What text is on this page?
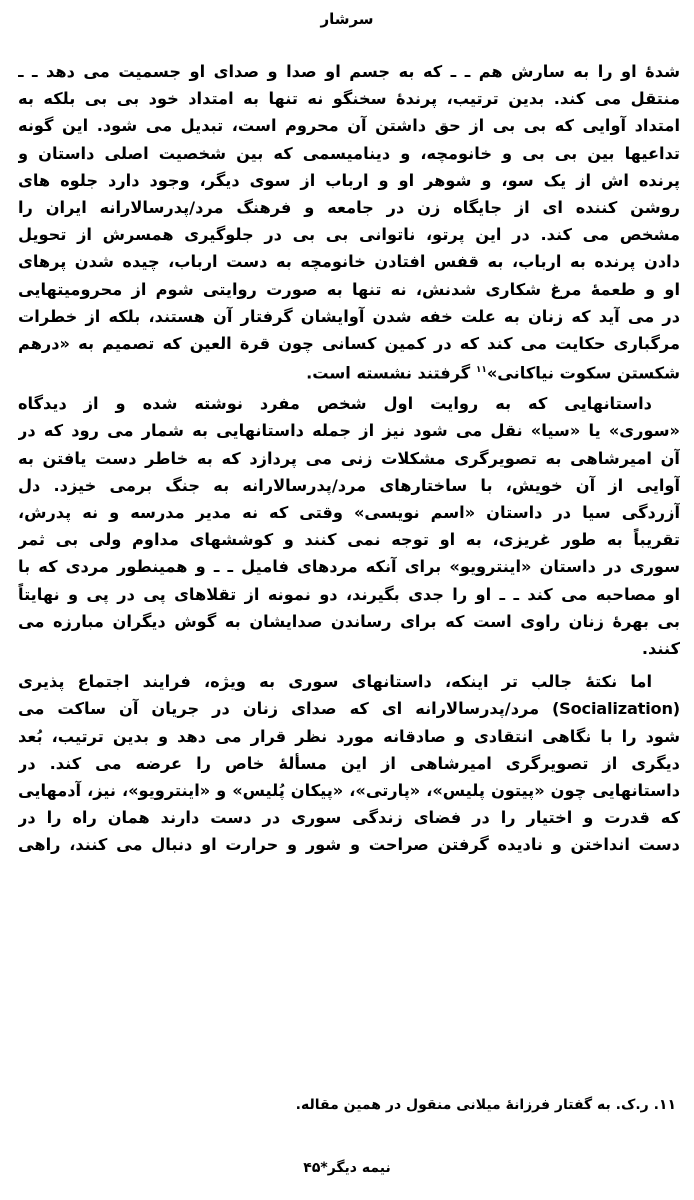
سرشار
شدهٔ او را به سارش هم ـ ـ که به جسم او صدا و صدای او جسمیت می دهد ـ ـ
منتقل می کند. بدین ترتیب، پرندهٔ سخنگو نه تنها به امتداد خود بی بی بلکه به
امتداد آوایی که بی بی از حق داشتن آن محروم است، تبدیل می شود. این گونه
تداعیها بین بی بی و خانومچه، و دینامیسمی که بین شخصیت اصلی داستان و
پرنده اش از یک سو، و شوهر او و ارباب از سوی دیگر، وجود دارد جلوه های
روشن کننده ای از جایگاه زن در جامعه و فرهنگ مرد/پدرسالارانه ایران را
مشخص می کند. در این پرتو، ناتوانی بی بی در جلوگیری همسرش از تحویل
دادن پرنده به ارباب، به قفس افتادن خانومچه به دست ارباب، چیده شدن پرهای
او و طعمهٔ مرغ شکاری شدنش، نه تنها به صورت روایتی شوم از محرومیتهایی
در می آید که زنان به علت خفه شدن آوایشان گرفتار آن هستند، بلکه از خطرات
مرگباری حکایت می کند که در کمین کسانی چون قرة العین که تصمیم به «درهم
شکستن سکوت نیاکانی»$^{۱۱}$ گرفتند نشسته است.
داستانهایی که به روایت اول شخص مفرد نوشته شده و از دیدگاه
«سوری» یا «سیا» نقل می شود نیز از جمله داستانهایی به شمار می رود که در
آن امیرشاهی به تصویرگری مشکلات زنی می پردازد که به خاطر دست یافتن به
آوایی از آن خویش، با ساختارهای مرد/پدرسالارانه به جنگ برمی خیزد. دل
آزردگی سیا در داستان «اسم نویسی» وقتی که نه مدیر مدرسه و نه پدرش،
تقریباً به طور غریزی، به او توجه نمی کنند و کوششهای مداوم ولی بی ثمر
سوری در داستان «اینترویو» برای آنکه مردهای فامیل ـ ـ و همینطور مردی که با
او مصاحبه می کند ـ ـ او را جدی بگیرند، دو نمونه از تقلاهای پی در پی و نهایتاً
بی بهرهٔ زنان راوی است که برای رساندن صدایشان به گوش دیگران مبارزه می
کنند.
اما نکتهٔ جالب تر اینکه، داستانهای سوری به ویژه، فرایند اجتماع پذیری
(Socialization) مرد/پدرسالارانه ای که صدای زنان در جریان آن ساکت می
شود را با نگاهی انتقادی و صادقانه مورد نظر قرار می دهد و بدین ترتیب، بُعد
دیگری از تصویرگری امیرشاهی از این مسألهٔ خاص را عرضه می کند. در
داستانهایی چون «پیتون پلیس»، «پارتی»، «پیکان پُلیس» و «اینترویو»، نیز، آدمهایی
که قدرت و اختیار را در فضای زندگی سوری در دست دارند همان راه را در
دست انداختن و نادیده گرفتن صراحت و شور و حرارت او دنبال می کنند، راهی
۱۱. ر.ک. به گفتار فرزانهٔ میلانی منقول در همین مقاله.
نیمه دیگر*۴۵
